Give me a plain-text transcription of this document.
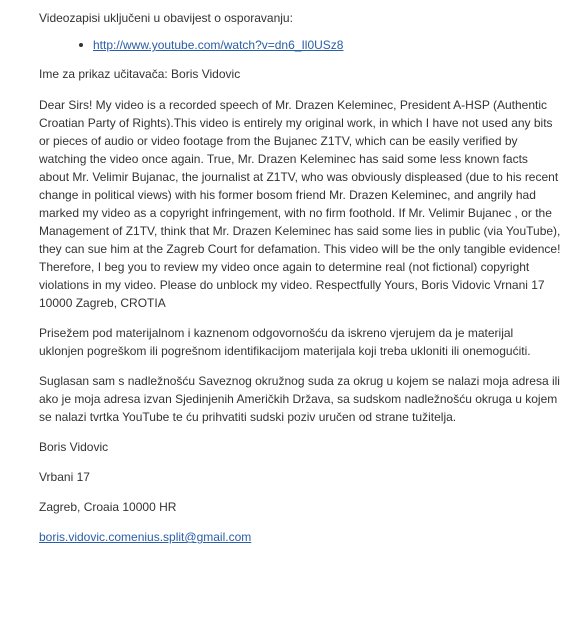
Videozapisi uključeni u obavijest o osporavanju:

http://www.youtube.com/watch?v=dn6_Il0USz8

Ime za prikaz učitavača: Boris Vidovic

Dear Sirs! My video is a recorded speech of Mr. Drazen Keleminec, President A-HSP (Authentic Croatian Party of Rights).This video is entirely my original work, in which I have not used any bits or pieces of audio or video footage from the Bujanec Z1TV, which can be easily verified by watching the video once again. True, Mr. Drazen Keleminec has said some less known facts about Mr. Velimir Bujanac, the journalist at Z1TV, who was obviously displeased (due to his recent change in political views) with his former bosom friend Mr. Drazen Keleminec, and angrily had marked my video as a copyright infringement, with no firm foothold. If Mr. Velimir Bujanec , or the Management of Z1TV, think that Mr. Drazen Keleminec has said some lies in public (via YouTube), they can sue him at the Zagreb Court for defamation. This video will be the only tangible evidence! Therefore, I beg you to review my video once again to determine real (not fictional) copyright violations in my video. Please do unblock my video. Respectfully Yours, Boris Vidovic Vrnani 17 10000 Zagreb, CROTIA

Prisežem pod materijalnom i kaznenom odgovornošću da iskreno vjerujem da je materijal uklonjen pogreškom ili pogrešnom identifikacijom materijala koji treba ukloniti ili onemogućiti.

Suglasan sam s nadležnošću Saveznog okružnog suda za okrug u kojem se nalazi moja adresa ili ako je moja adresa izvan Sjedinjenih Američkih Država, sa sudskom nadležnošću okruga u kojem se nalazi tvrtka YouTube te ću prihvatiti sudski poziv uručen od strane tužitelja.

Boris Vidovic

Vrbani 17

Zagreb, Croaia 10000 HR

boris.vidovic.comenius.split@gmail.com
